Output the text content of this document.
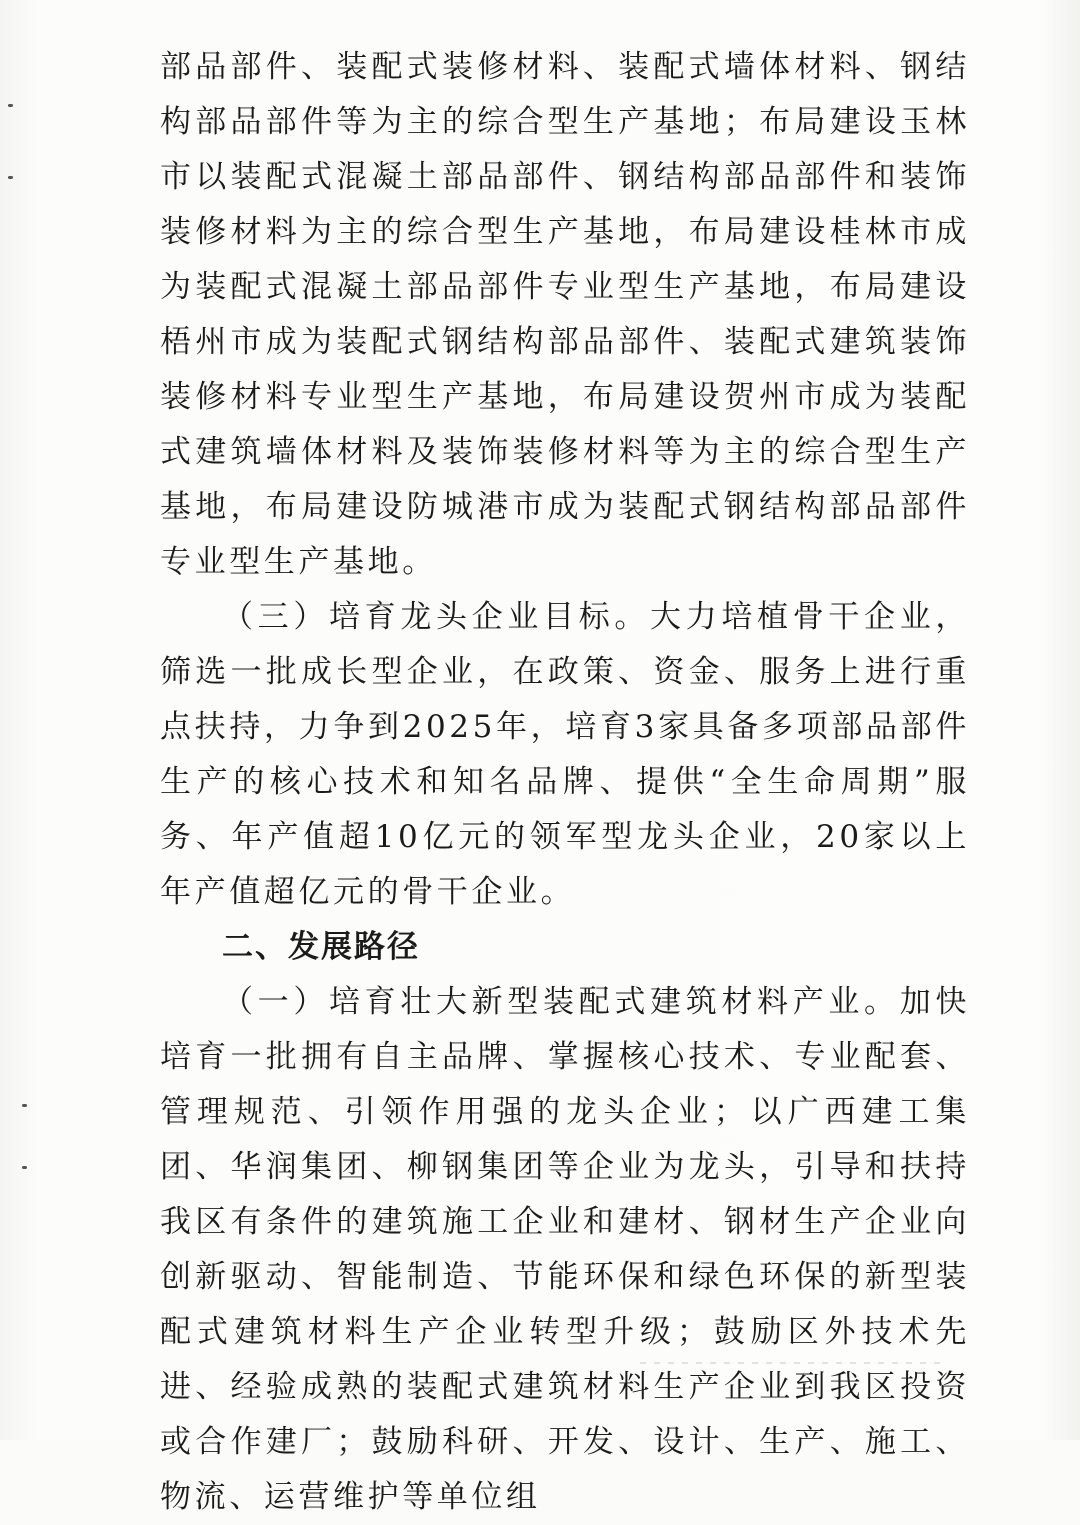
部品部件、装配式装修材料、装配式墙体材料、钢结构部品部件等为主的综合型生产基地；布局建设玉林市以装配式混凝土部品部件、钢结构部品部件和装饰装修材料为主的综合型生产基地，布局建设桂林市成为装配式混凝土部品部件专业型生产基地，布局建设梧州市成为装配式钢结构部品部件、装配式建筑装饰装修材料专业型生产基地，布局建设贺州市成为装配式建筑墙体材料及装饰装修材料等为主的综合型生产基地，布局建设防城港市成为装配式钢结构部品部件专业型生产基地。

（三）培育龙头企业目标。大力培植骨干企业，筛选一批成长型企业，在政策、资金、服务上进行重点扶持，力争到2025年，培育3家具备多项部品部件生产的核心技术和知名品牌、提供“全生命周期”服务、年产值超10亿元的领军型龙头企业，20家以上年产值超亿元的骨干企业。

二、发展路径

（一）培育壮大新型装配式建筑材料产业。加快培育一批拥有自主品牌、掌握核心技术、专业配套、管理规范、引领作用强的龙头企业；以广西建工集团、华润集团、柳钢集团等企业为龙头，引导和扶持我区有条件的建筑施工企业和建材、钢材生产企业向创新驱动、智能制造、节能环保和绿色环保的新型装配式建筑材料生产企业转型升级；鼓励区外技术先进、经验成熟的装配式建筑材料生产企业到我区投资或合作建厂；鼓励科研、开发、设计、生产、施工、物流、运营维护等单位组
